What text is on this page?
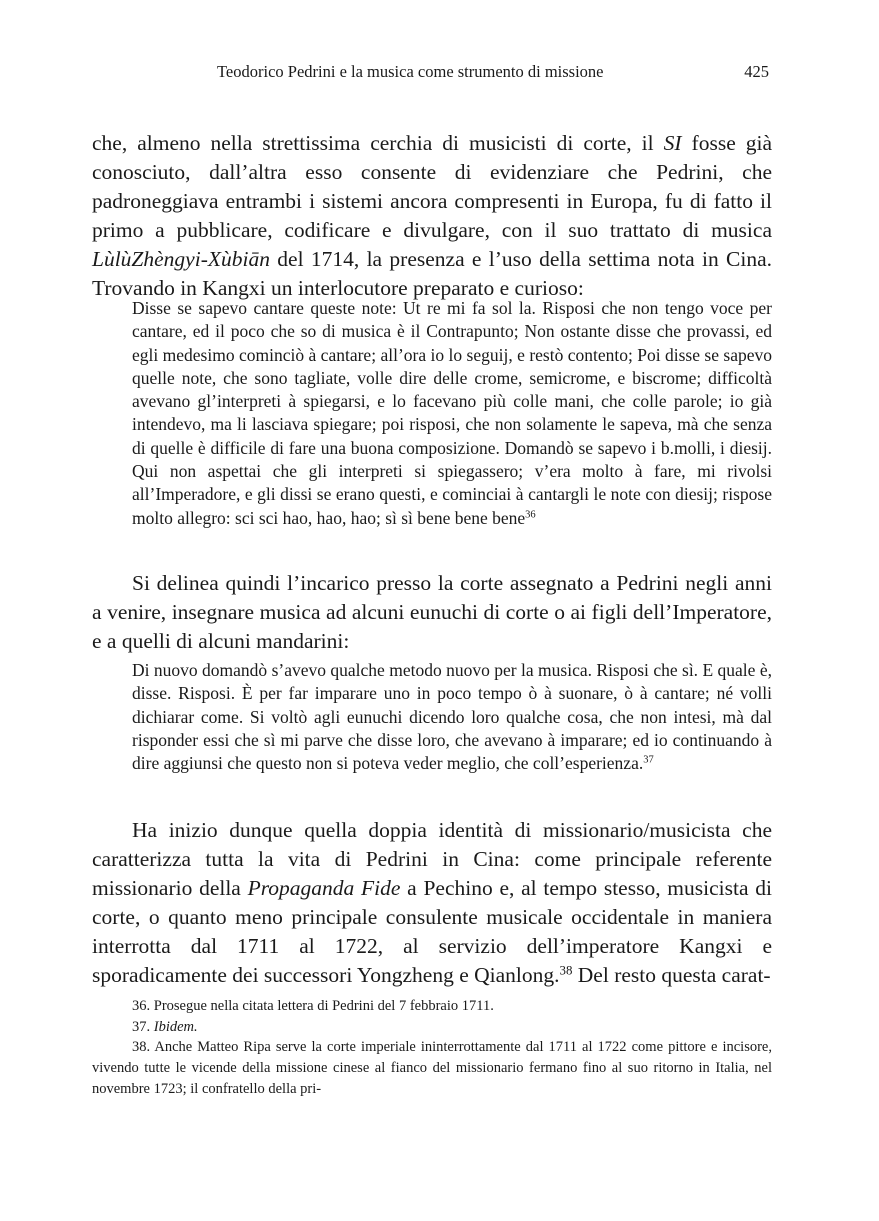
Teodorico Pedrini e la musica come strumento di missione	425

che, almeno nella strettissima cerchia di musicisti di corte, il SI fosse già conosciuto, dall’altra esso consente di evidenziare che Pedrini, che padroneggiava entrambi i sistemi ancora compresenti in Europa, fu di fatto il primo a pubblicare, codificare e divulgare, con il suo trattato di musica LùlùZhèngyi-Xùbiān del 1714, la presenza e l’uso della settima nota in Cina. Trovando in Kangxi un interlocutore preparato e curioso:

Disse se sapevo cantare queste note: Ut re mi fa sol la. Risposi che non tengo voce per cantare, ed il poco che so di musica è il Contrapunto; Non ostante disse che provassi, ed egli medesimo cominciò à cantare; all’ora io lo seguij, e restò contento; Poi disse se sapevo quelle note, che sono tagliate, volle dire delle crome, semicrome, e biscrome; difficoltà avevano gl’interpreti à spiegarsi, e lo facevano più colle mani, che colle parole; io già intendevo, ma li lasciava spiegare; poi risposi, che non solamente le sapeva, mà che senza di quelle è difficile di fare una buona composizione. Domandò se sapevo i b.molli, i diesij. Qui non aspettai che gli interpreti si spiegassero; v’era molto à fare, mi rivolsi all’Imperadore, e gli dissi se erano questi, e cominciai à cantargli le note con diesij; rispose molto allegro: sci sci hao, hao, hao; sì sì bene bene bene$^{36}$

Si delinea quindi l’incarico presso la corte assegnato a Pedrini negli anni a venire, insegnare musica ad alcuni eunuchi di corte o ai figli dell’Imperatore, e a quelli di alcuni mandarini:

Di nuovo domandò s’avevo qualche metodo nuovo per la musica. Risposi che sì. E quale è, disse. Risposi. È per far imparare uno in poco tempo ò à suonare, ò à cantare; né volli dichiarar come. Si voltò agli eunuchi dicendo loro qualche cosa, che non intesi, mà dal risponder essi che sì mi parve che disse loro, che avevano à imparare; ed io continuando à dire aggiunsi che questo non si poteva veder meglio, che coll’esperienza.$^{37}$

Ha inizio dunque quella doppia identità di missionario/musicista che caratterizza tutta la vita di Pedrini in Cina: come principale referente missionario della Propaganda Fide a Pechino e, al tempo stesso, musicista di corte, o quanto meno principale consulente musicale occidentale in maniera interrotta dal 1711 al 1722, al servizio dell’imperatore Kangxi e sporadicamente dei successori Yongzheng e Qianlong.$^{38}$ Del resto questa carat-

36. Prosegue nella citata lettera di Pedrini del 7 febbraio 1711.

37. Ibidem.

38. Anche Matteo Ripa serve la corte imperiale ininterrottamente dal 1711 al 1722 come pittore e incisore, vivendo tutte le vicende della missione cinese al fianco del missionario fermano fino al suo ritorno in Italia, nel novembre 1723; il confratello della pri-
